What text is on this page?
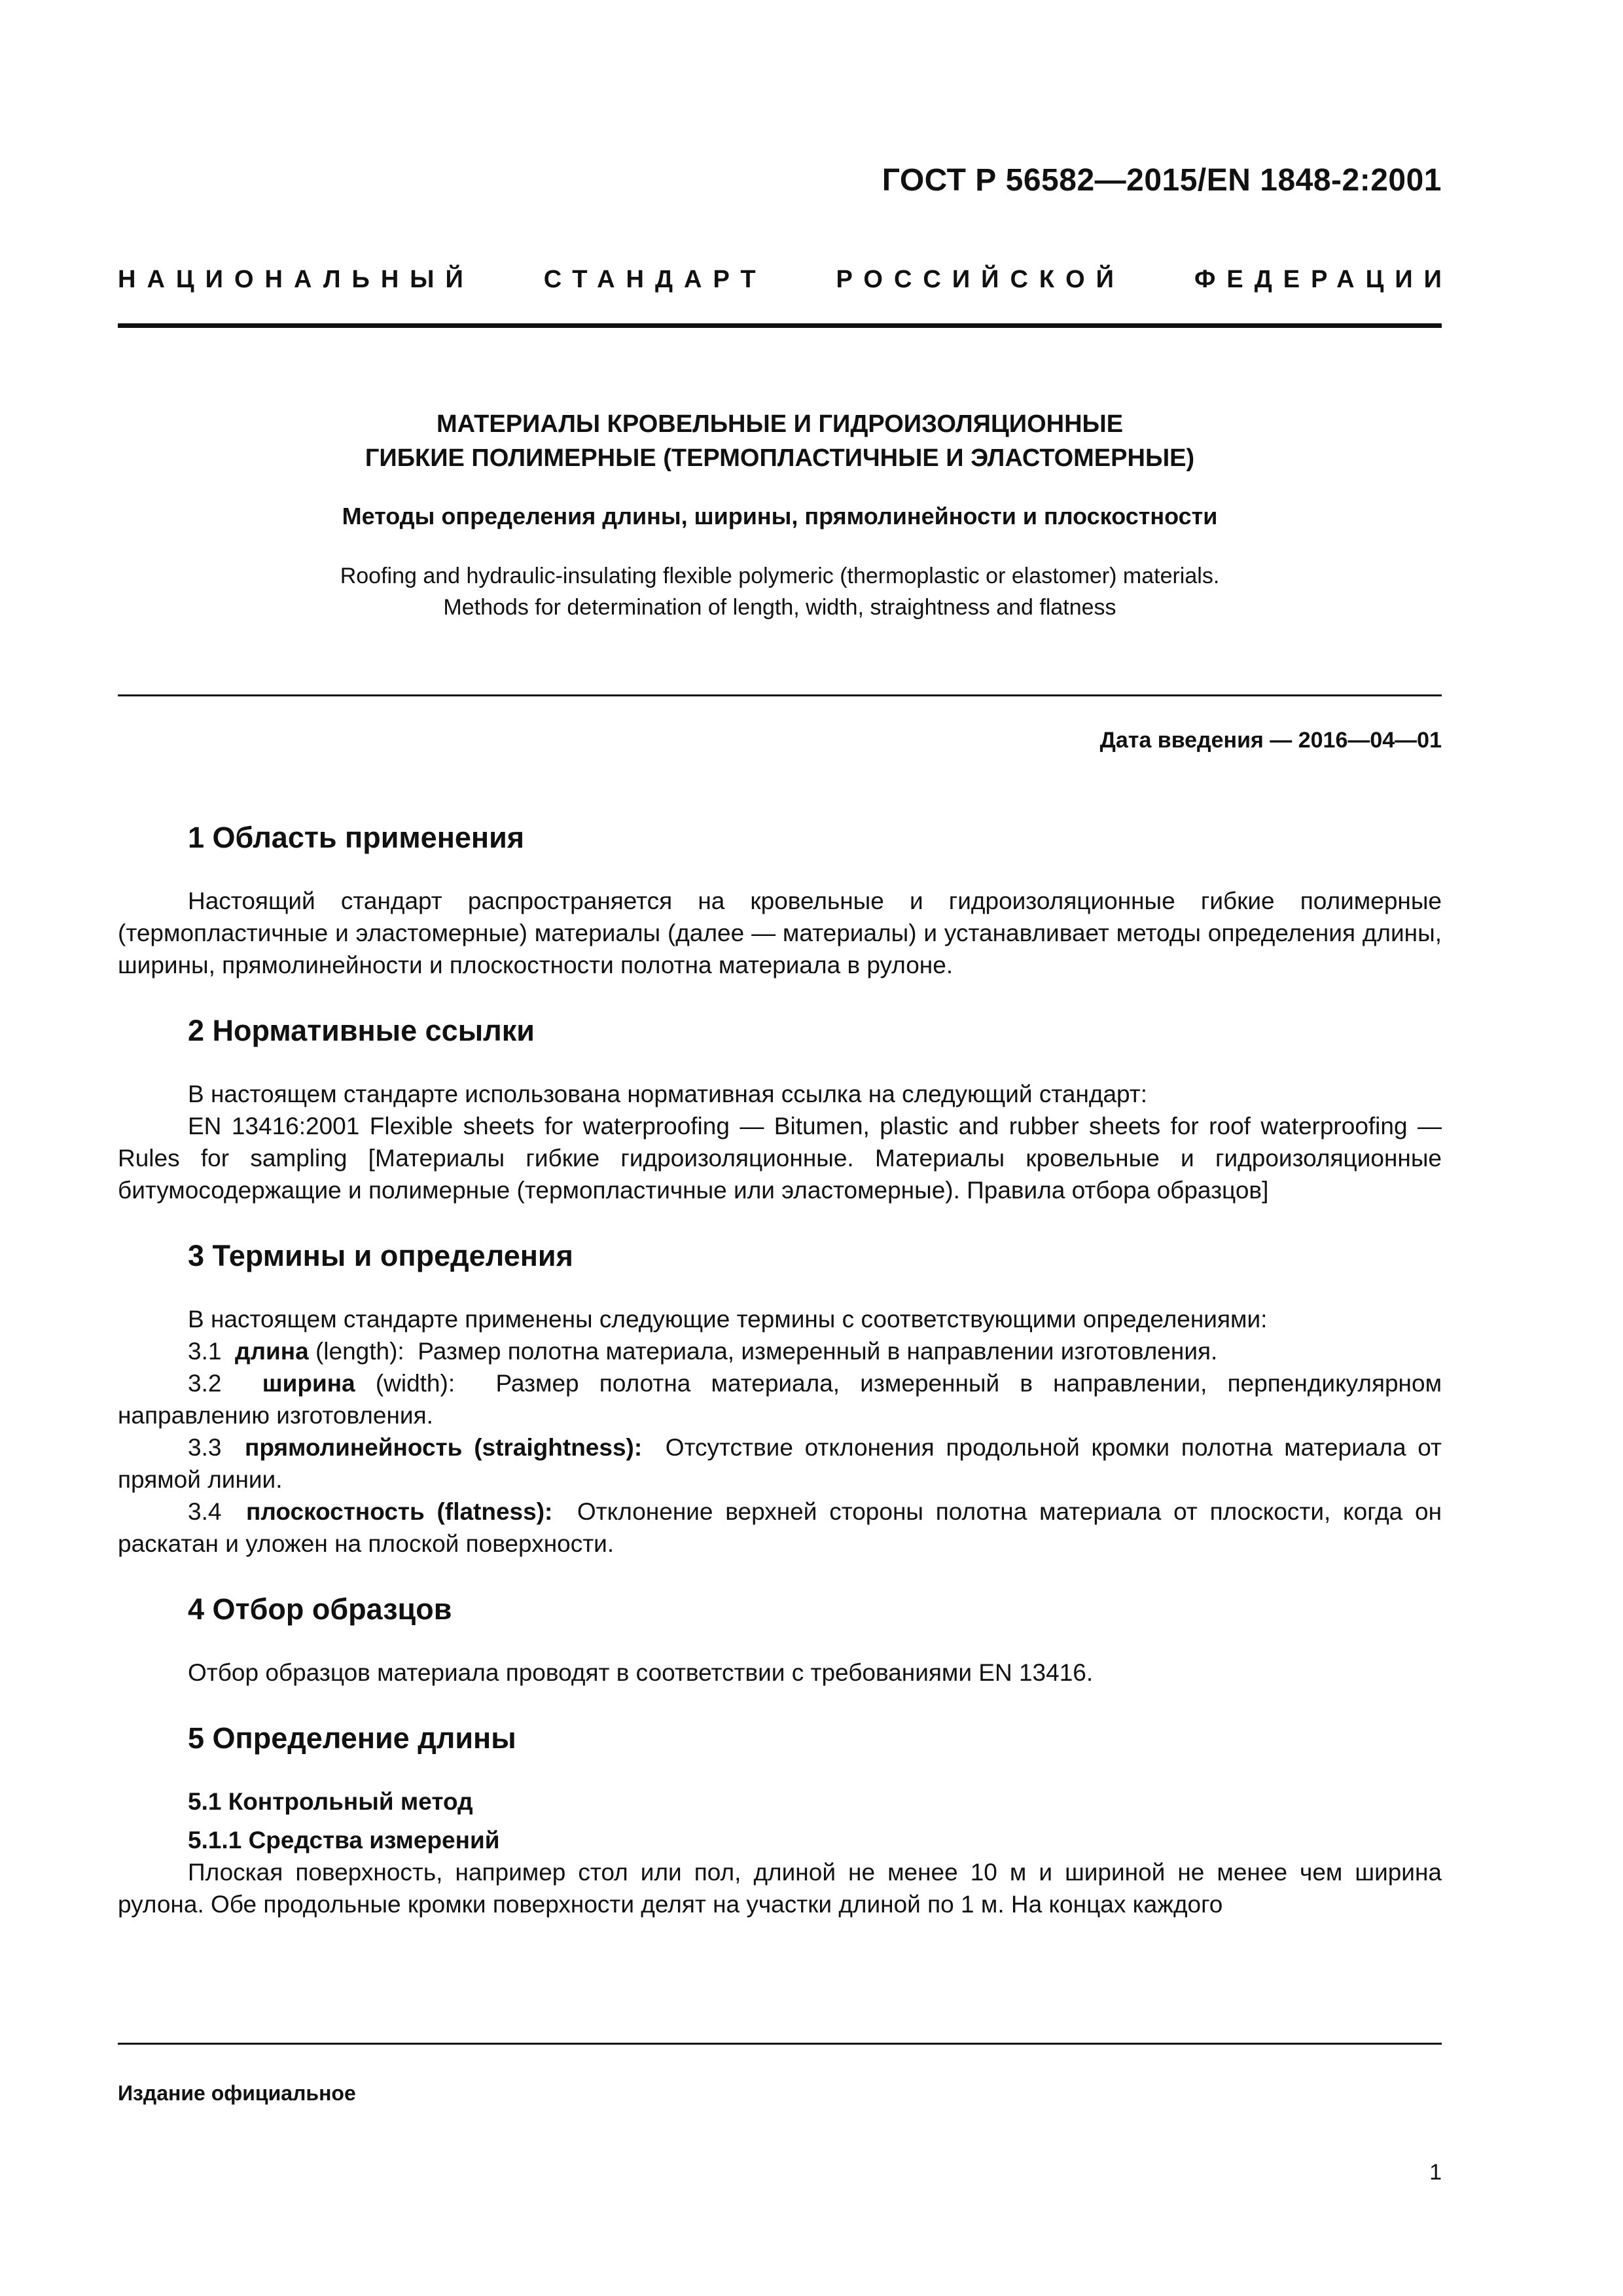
ГОСТ Р 56582—2015/EN 1848-2:2001
НАЦИОНАЛЬНЫЙ	СТАНДАРТ	РОССИЙСКОЙ	ФЕДЕРАЦИИ
МАТЕРИАЛЫ КРОВЕЛЬНЫЕ И ГИДРОИЗОЛЯЦИОННЫЕ
ГИБКИЕ ПОЛИМЕРНЫЕ (ТЕРМОПЛАСТИЧНЫЕ И ЭЛАСТОМЕРНЫЕ)
Методы определения длины, ширины, прямолинейности и плоскостности
Roofing and hydraulic-insulating flexible polymeric (thermoplastic or elastomer) materials.
Methods for determination of length, width, straightness and flatness
Дата введения — 2016—04—01
1 Область применения

Настоящий стандарт распространяется на кровельные и гидроизоляционные гибкие полимерные (термопластичные и эластомерные) материалы (далее — материалы) и устанавливает методы определения длины, ширины, прямолинейности и плоскостности полотна материала в рулоне.

2 Нормативные ссылки

В настоящем стандарте использована нормативная ссылка на следующий стандарт:

EN 13416:2001 Flexible sheets for waterproofing — Bitumen, plastic and rubber sheets for roof waterproofing — Rules for sampling [Материалы гибкие гидроизоляционные. Материалы кровельные и гидроизоляционные битумосодержащие и полимерные (термопластичные или эластомерные). Правила отбора образцов]

3 Термины и определения

В настоящем стандарте применены следующие термины с соответствующими определениями:

3.1 длина (length): Размер полотна материала, измеренный в направлении изготовления.

3.2 ширина (width): Размер полотна материала, измеренный в направлении, перпендикулярном направлению изготовления.

3.3 прямолинейность (straightness): Отсутствие отклонения продольной кромки полотна материала от прямой линии.

3.4 плоскостность (flatness): Отклонение верхней стороны полотна материала от плоскости, когда он раскатан и уложен на плоской поверхности.

4 Отбор образцов

Отбор образцов материала проводят в соответствии с требованиями EN 13416.

5 Определение длины
5.1 Контрольный метод
5.1.1 Средства измерений

Плоская поверхность, например стол или пол, длиной не менее 10 м и шириной не менее чем ширина рулона. Обе продольные кромки поверхности делят на участки длиной по 1 м. На концах каждого

Издание официальное
1
